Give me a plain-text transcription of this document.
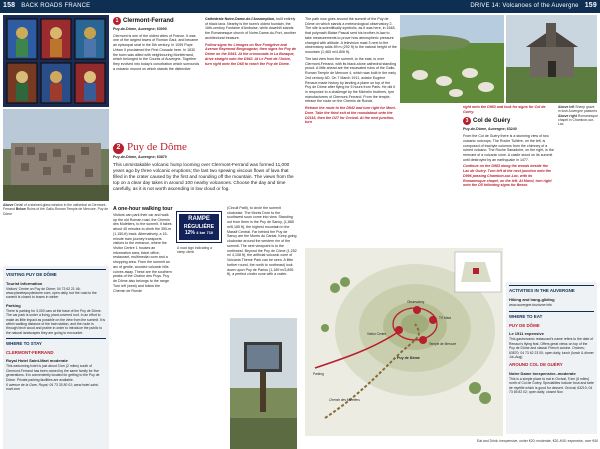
158 BACK ROADS FRANCE
Above Detail of a stained-glass window in the cathedral at Clermont-Ferrand Below Ruins of the Gallo-Roman Temple de Mercure, Puy de Dôme
1 Clermont-Ferrand
Puy-de-Dôme, Auvergne; 63000

Clermont is one of the oldest cities of France. It was one of the largest towns of Roman Gaul, and became an episcopal seat in the 5th century. In 1095 Pope Urban II proclaimed the First Crusade here. In 1630 the town was allied with neighbouring Montferrand, which belonged to the Counts of Auvergne. Together they evolved into today's conurbation which surrounds a volcanic mound on which stands the distinctive

Cathédrale Notre-Dame-de-l'Assomption, built entirely of black lava. Nearby is the town's oldest fountain, the 16th-century Fontaine d'Amboise, while downhill stands the Romanesque church of Notre-Dame-du-Port, another architectural treasure.

Follow signs for Limoges on Rue Fontgiève and Avenue Raymond Bergougnan, then signs for Puy de Dôme on the D941. At the crossroads in La Baraque, drive straight onto the D942. At Le Pont de l'Arbre, turn right onto the D68 to reach the Puy de Dôme.

2 Puy de Dôme
Puy-de-Dôme, Auvergne; 63870
This unmistakable volcanic hump looming over Clermont-Ferrand was formed 11,000 years ago by three volcanic eruptions; the last two spewing viscous flows of lava that filled in the crater caused by the first and rounding off the mountain. The views from the top on a clear day takes in around 100 nearby volcanoes. Choose the day and time carefully, as it is not worth ascending in low cloud or fog.
A one-hour walking tour

Visitors can park their car and walk up the old Roman road, the Chemin des Muletiers, to the summit. It takes about 45 minutes to climb the 350-m (1,150-ft) track. Alternatively, a 15-minute train journey transports visitors to the entrance, where the Visitor Centre 1 houses an information area, ticket office, restaurant, multimedia room and a shopping area. From the summit an arc of gentle, wooded volcanic hills curves away. These are the southern peaks of the Chaîne des Puys. Puy de Dôme also belongs to the range. Turn left (west) and follow the Chemin de Ronde

RAMPE
RÉGULIÈRE
12% 4 km 710
A road sign indicating a steep climb

(Circuit Patti), to circle the summit clockwise. The Monts Dore to the southwest soon come into view. Standing out from them is the Puy de Sancy, (1,885 m/6,185 ft), the highest mountain in the Massif Central. Far behind the Puy de Sancy are the Monts du Cantal. Keep going clockwise around the western rim of the summit. The next viewpoint is to the northwest. Beyond the Puy de Côme (1,252 m/ 4,108 ft), the artificial volcanic cone of Vulcania Theme Park can be seen. A little further round, the north to northeast) look down upon Puy de Pariou (1,189 m/3,895 ft), a perfect cinder cone with a crater.

VISITING PUY DE DÔME
Tourist Information
Visitors' Centre on Puy de Dôme; 04 73 62 21 46; www.planetepuydedome.com; open daily, but the road to the summit is closed to buses in winter
Parking
There is parking for 3,000 cars at the base of the Puy de Dôme. The car park is under a living, plant-covered roof. In an effort to make as little impact as possible on the view from the summit. It is within walking distance of the train station, and the route is through birch wood and prairie in order to introduce the public to the natural landscapes they are going to encounter.
WHERE TO STAY
CLERMONT-FERRAND
Royal Hotel Saint-Mart moderate
This welcoming hotel is just about 3 km (2 miles) south of Clermont-Ferrand has been owned by the same family for five generations. It is conveniently located for getting to the Puy de Dôme. Private parking facilities are available.
6 avenue de la Gare, Royat; 04 73 35 80 01; www.hotel-saint-mart.com
DRIVE 14: Volcanoes of the Auvergne 159

The path now goes around the summit of the Puy de Dôme on which stands a meteorological observatory 2. The site is scientifically symbolic, as it was here, in 1648, that polymath Blaise Pascal sent his brother-in-law to take measurements to prove how atmospheric pressure changed with altitude. A television mast 3 next to the observatory adds 89 m (292 ft) to the natural height of the mountain (1,465 m/4,806 ft).

The last view from the summit, to the east, is over Clermont-Ferrand, with its black-stone cathedral standing proud. A little ahead are the excavated ruins of the Gallo-Roman Temple de Mercure 4, which was built in the early 2nd century AD. On 7 March 1911, aviator Eugène Renaux made history by landing a plane on top of the Puy de Dôme after flying for 5 hours from Paris. He did it in response to a challenge by the Michelin brothers, tyre manufacturers of Clermont-Ferrand. From the temple, retrace the route on the Chemin de Ronde.

Retrace the route to the D942 and turn right for Mont-Dore. Take the third exit at the roundabout onto the D2116, then the D27 for Orcival. At the next junction, turn

Above left Sheep graze in lush Auvergne pastures Above right Romanesque chapel in Chambon-sur-Lac

right onto the D983 and look for signs for Col de Guéry.

3 Col de Guéry
Puy-de-Dôme, Auvergne; 63240

From the Col de Guéry there is a stunning view of two volcanic outcrops. The Roche Tuilière, on the left, is composed of trachyte columns from the chimney of a ruined volcano. The Roche Sanadoire, on the right, is the remnant of a volcanic cone. A castle stood on its summit until destroyed by an earthquake in 1477.

Continue on the D983 along the woods beside the Lac de Guéry. Turn left at the next junction onto the D996 passing Chambon-sur-Lac, with its Romanesque chapel, on the left. At Murol, turn right onto the D5 following signs for Besse.

Puy de Dôme
Chemin des Muletiers
Parking
Visitor Centre
Temple de Mercure
Observatory
TV Mast
ACTIVITIES IN THE AUVERGNE
Hiking and hang-gliding
www.auvergne-tourisme.info
WHERE TO EAT
PUY DE DÔME
Le 1911 expensive
This gastronomic restaurant's name refers to the date of Renaux's flying feat. Offers great views on top of the Puy de Dôme and classic French cuisine. Orcines; 63870; 04 73 62 23 00; open daily, lunch (lunch & dinner Jul–Aug)
AROUND COL DE GUÉRY
Notre Dame inexpensive–moderate
This is a simple place to eat in Orcival, 9 km (6 miles) north of Col de Guéry. Specialities include trout and tarte de myrtille which is good for dessert. Orcival; 63210; 04 73 65 82 02; open daily; closed Nov
Eat and Drink: inexpensive, under €20; moderate, €20–€40; expensive, over €40
